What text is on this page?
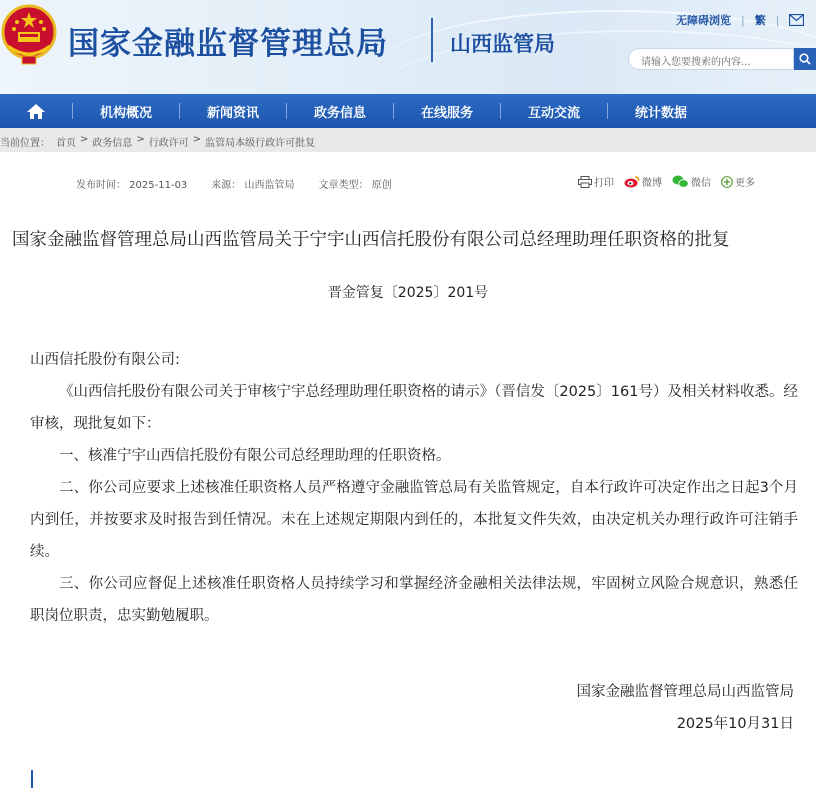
国家金融监督管理总局	山西监管局
无障碍浏览 | 繁 |
请输入您要搜索的内容...
机构概况	新闻资讯	政务信息	在线服务	互动交流	统计数据
当前位置： 首页 > 政务信息 > 行政许可 > 监管局本级行政许可批复
发布时间： 2025-11-03 来源： 山西监管局 文章类型： 原创	打印	微博	微信 更多
国家金融监督管理总局山西监管局关于宁宇山西信托股份有限公司总经理助理任职资格的批复
晋金管复〔2025〕201号

山西信托股份有限公司:

《山西信托股份有限公司关于审核宁宇总经理助理任职资格的请示》（晋信发〔2025〕161号）及相关材料收悉。经审核，现批复如下：

一、核准宁宇山西信托股份有限公司总经理助理的任职资格。

二、你公司应要求上述核准任职资格人员严格遵守金融监管总局有关监管规定，自本行政许可决定作出之日起3个月内到任，并按要求及时报告到任情况。未在上述规定期限内到任的，本批复文件失效，由决定机关办理行政许可注销手续。

三、你公司应督促上述核准任职资格人员持续学习和掌握经济金融相关法律法规，牢固树立风险合规意识，熟悉任职岗位职责，忠实勤勉履职。

国家金融监督管理总局山西监管局
2025年10月31日
